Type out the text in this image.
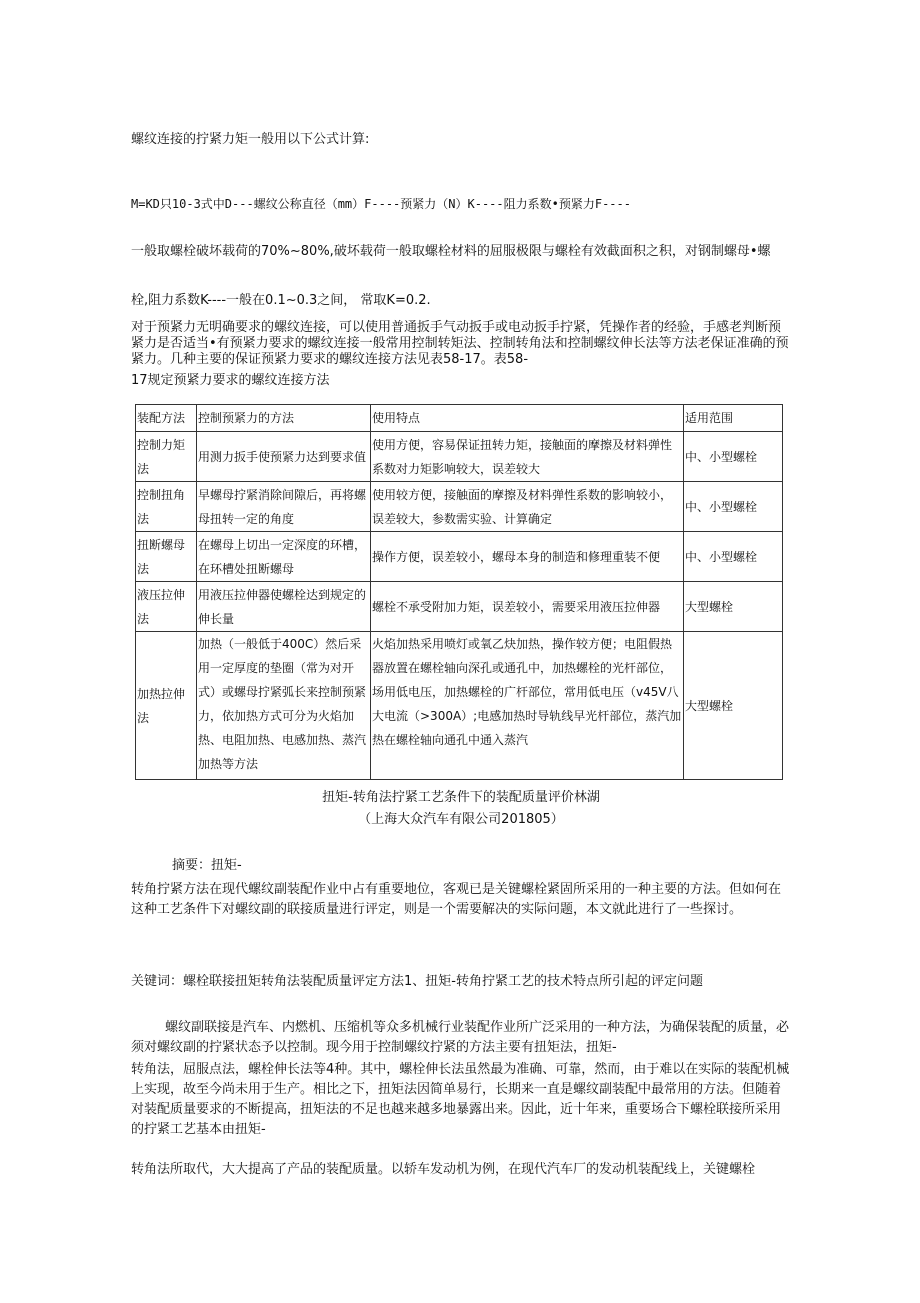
螺纹连接的拧紧力矩一般用以下公式计算:
M=KD只10-3式中D---螺纹公称直径（mm）F----预紧力（N）K----阻力系数•预紧力F----
一般取螺栓破坏载荷的70%~80%,破坏载荷一般取螺栓材料的屈服极限与螺栓有效截面积之积，对钢制螺母•螺
栓,阻力系数K----一般在0.1~0.3之间， 常取K=0.2.
对于预紧力无明确要求的螺纹连接，可以使用普通扳手气动扳手或电动扳手拧紧，凭操作者的经验，手感老判断预紧力是否适当•有预紧力要求的螺纹连接一般常用控制转矩法、控制转角法和控制螺纹伸长法等方法老保证准确的预紧力。几种主要的保证预紧力要求的螺纹连接方法见表58-17。表58-
17规定预紧力要求的螺纹连接方法
装配方法	控制预紧力的方法	使用特点	适用范围
控制力矩法	用测力扳手使预紧力达到要求值	使用方便，容易保证扭转力矩，接触面的摩擦及材料弹性系数对力矩影响较大，误差较大	中、小型螺栓
控制扭角法	早螺母拧紧消除间隙后，再将螺母扭转一定的角度	使用较方便，接触面的摩擦及材料弹性系数的影响较小，误差较大，参数需实验、计算确定	中、小型螺栓
扭断螺母法	在螺母上切出一定深度的环槽，在环槽处扭断螺母	操作方便，误差较小，螺母本身的制造和修理重装不便	中、小型螺栓
液压拉伸法	用液压拉伸器使螺栓达到规定的伸长量	螺栓不承受附加力矩，误差较小，需要采用液压拉伸器	大型螺栓
加热拉伸法	加热（一般低于400C）然后采用一定厚度的垫圈（常为对开式）或螺母拧紧弧长来控制预紧力，依加热方式可分为火焰加热、电阻加热、电感加热、蒸汽加热等方法	火焰加热采用喷灯或氧乙炔加热，操作较方便；电阻假热器放置在螺栓轴向深孔或通孔中，加热螺栓的光杆部位，场用低电压，加热螺栓的广杆部位，常用低电压（v45V八大电流（>300A）;电感加热时导轨线早光杆部位，蒸汽加热在螺栓轴向通孔中通入蒸汽	大型螺栓
扭矩-转角法拧紧工艺条件下的装配质量评价林湖
（上海大众汽车有限公司201805）
摘要：扭矩-
转角拧紧方法在现代螺纹副装配作业中占有重要地位，客观已是关键螺栓紧固所采用的一种主要的方法。但如何在这种工艺条件下对螺纹副的联接质量进行评定，则是一个需要解决的实际问题，本文就此进行了一些探讨。
关键词：螺栓联接扭矩转角法装配质量评定方法1、扭矩-转角拧紧工艺的技术特点所引起的评定问题
螺纹副联接是汽车、内燃机、压缩机等众多机械行业装配作业所广泛采用的一种方法，为确保装配的质量，必须对螺纹副的拧紧状态予以控制。现今用于控制螺纹拧紧的方法主要有扭矩法，扭矩-
转角法，屈服点法，螺栓伸长法等4种。其中，螺栓伸长法虽然最为准确、可靠，然而，由于难以在实际的装配机械上实现，故至今尚未用于生产。相比之下，扭矩法因简单易行，长期来一直是螺纹副装配中最常用的方法。但随着对装配质量要求的不断提高，扭矩法的不足也越来越多地暴露出来。因此，近十年来，重要场合下螺栓联接所采用的拧紧工艺基本由扭矩-
转角法所取代，大大提高了产品的装配质量。以轿车发动机为例，在现代汽车厂的发动机装配线上，关键螺栓
